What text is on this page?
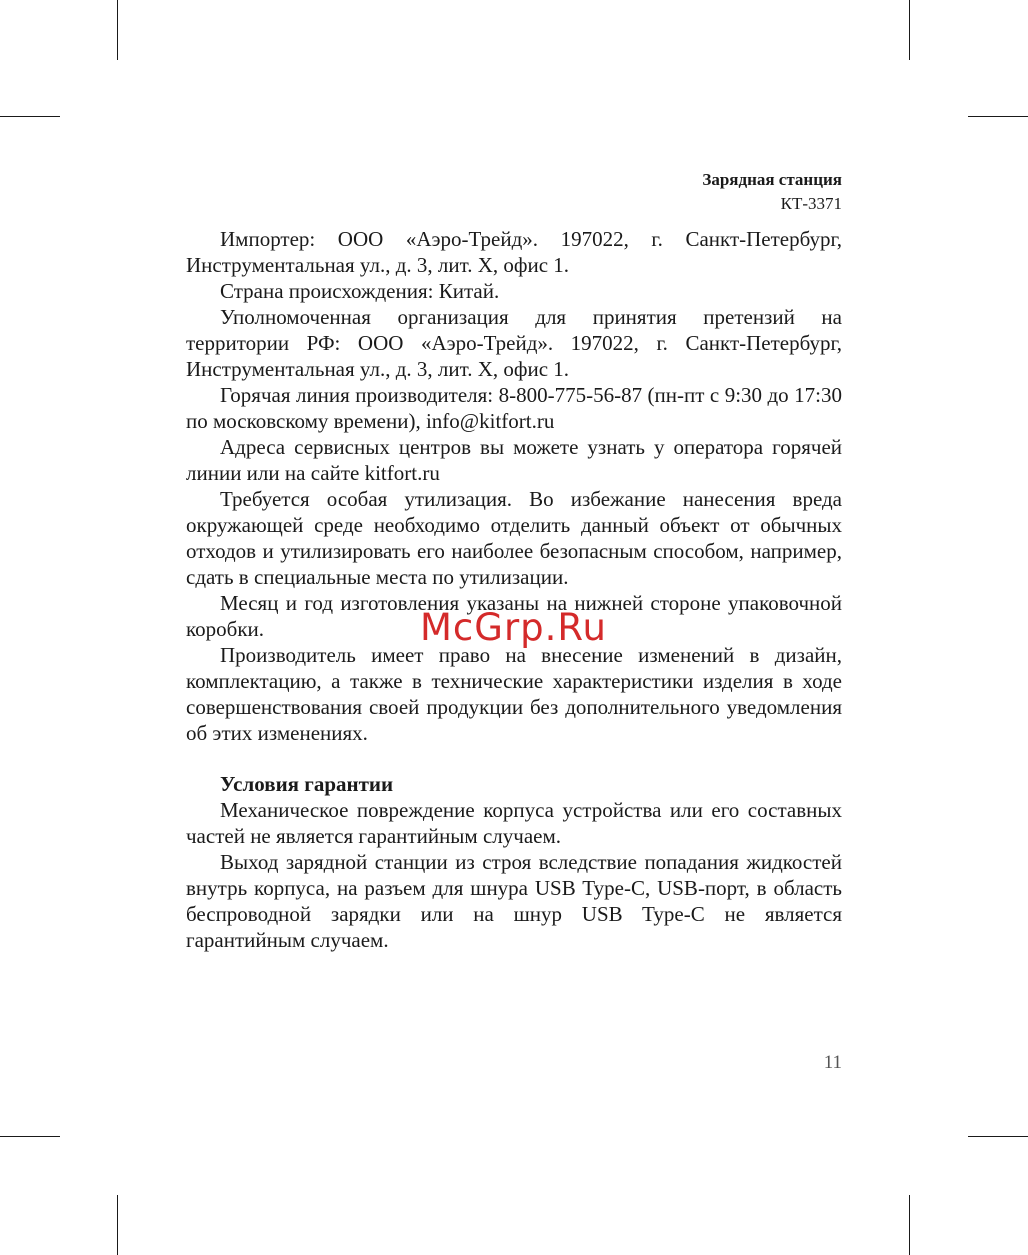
Зарядная станция
КТ-3371

Импортер: ООО «Аэро-Трейд». 197022, г. Санкт-Петербург, Инструментальная ул., д. 3, лит. Х, офис 1.

Страна происхождения: Китай.

Уполномоченная организация для принятия претензий на территории РФ: ООО «Аэро-Трейд». 197022, г. Санкт-Петербург, Инструментальная ул., д. 3, лит. Х, офис 1.

Горячая линия производителя: 8-800-775-56-87 (пн-пт с 9:30 до 17:30 по московскому времени), info@kitfort.ru

Адреса сервисных центров вы можете узнать у оператора горячей линии или на сайте kitfort.ru

Требуется особая утилизация. Во избежание нанесения вреда окружающей среде необходимо отделить данный объект от обычных отходов и утилизировать его наиболее безопасным способом, например, сдать в специальные места по утилизации.

Месяц и год изготовления указаны на нижней стороне упаковочной коробки.

Производитель имеет право на внесение изменений в дизайн, комплектацию, а также в технические характеристики изделия в ходе совершенствования своей продукции без дополнительного уведомления об этих изменениях.

Условия гарантии

Механическое повреждение корпуса устройства или его составных частей не является гарантийным случаем.

Выход зарядной станции из строя вследствие попадания жидкостей внутрь корпуса, на разъем для шнура USB Type-C, USB-порт, в область беспроводной зарядки или на шнур USB Type-C не является гарантийным случаем.

McGrp.Ru
11
